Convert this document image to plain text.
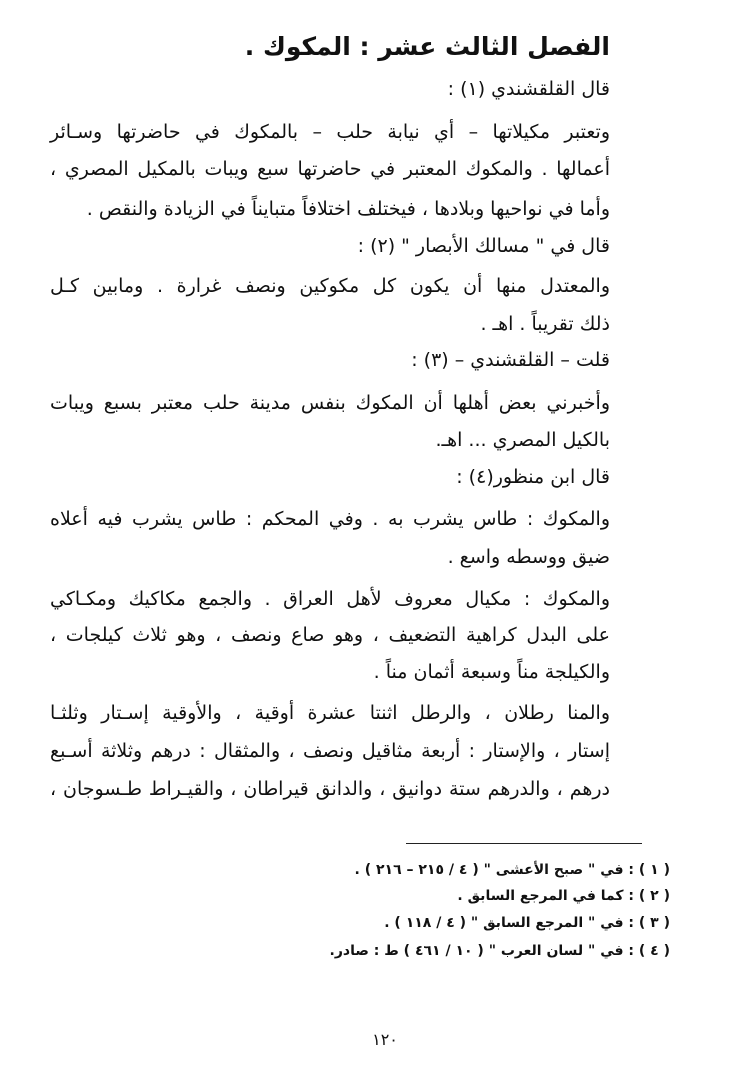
الفصل الثالث عشر : المكوك .
قال القلقشندي (١) :
وتعتبر مكيلاتها – أي نيابة حلب – بالمكوك في حاضرتها وسـائر
أعمالها . والمكوك المعتبر في حاضرتها سبع ويبات بالمكيل المصري ،
وأما في نواحيها وبلادها ، فيختلف اختلافاً متبايناً في الزيادة والنقص .
قال في " مسالك الأبصار " (٢) :
والمعتدل منها أن يكون كل مكوكين ونصف غرارة . ومابين كـل
ذلك تقريباً . اهـ .
قلت – القلقشندي – (٣) :
وأخبرني بعض أهلها أن المكوك بنفس مدينة حلب معتبر بسبع ويبات
بالكيل المصري ... اهـ.
قال ابن منظور(٤) :
والمكوك : طاس يشرب به . وفي المحكم : طاس يشرب فيه أعلاه
ضيق ووسطه واسع .
والمكوك : مكيال معروف لأهل العراق . والجمع مكاكيك ومكـاكي
على البدل كراهية التضعيف ، وهو صاع ونصف ، وهو ثلاث كيلجات ،
والكيلجة مناً وسبعة أثمان مناً .
والمنا رطلان ، والرطل اثنتا عشرة أوقية ، والأوقية إسـتار وثلثـا
إستار ، والإستار : أربعة مثاقيل ونصف ، والمثقال : درهم وثلاثة أسـبع
درهم ، والدرهم ستة دوانيق ، والدانق قيراطان ، والقيـراط طـسوجان ،
( ١ ) : في " صبح الأعشى " ( ٤ / ٢١٥ – ٢١٦ ) .
( ٢ ) : كما في المرجع السابق .
( ٣ ) : في " المرجع السابق " ( ٤ / ١١٨ ) .
( ٤ ) : في " لسان العرب " ( ١٠ / ٤٦١ ) ط : صادر.
١٢٠
